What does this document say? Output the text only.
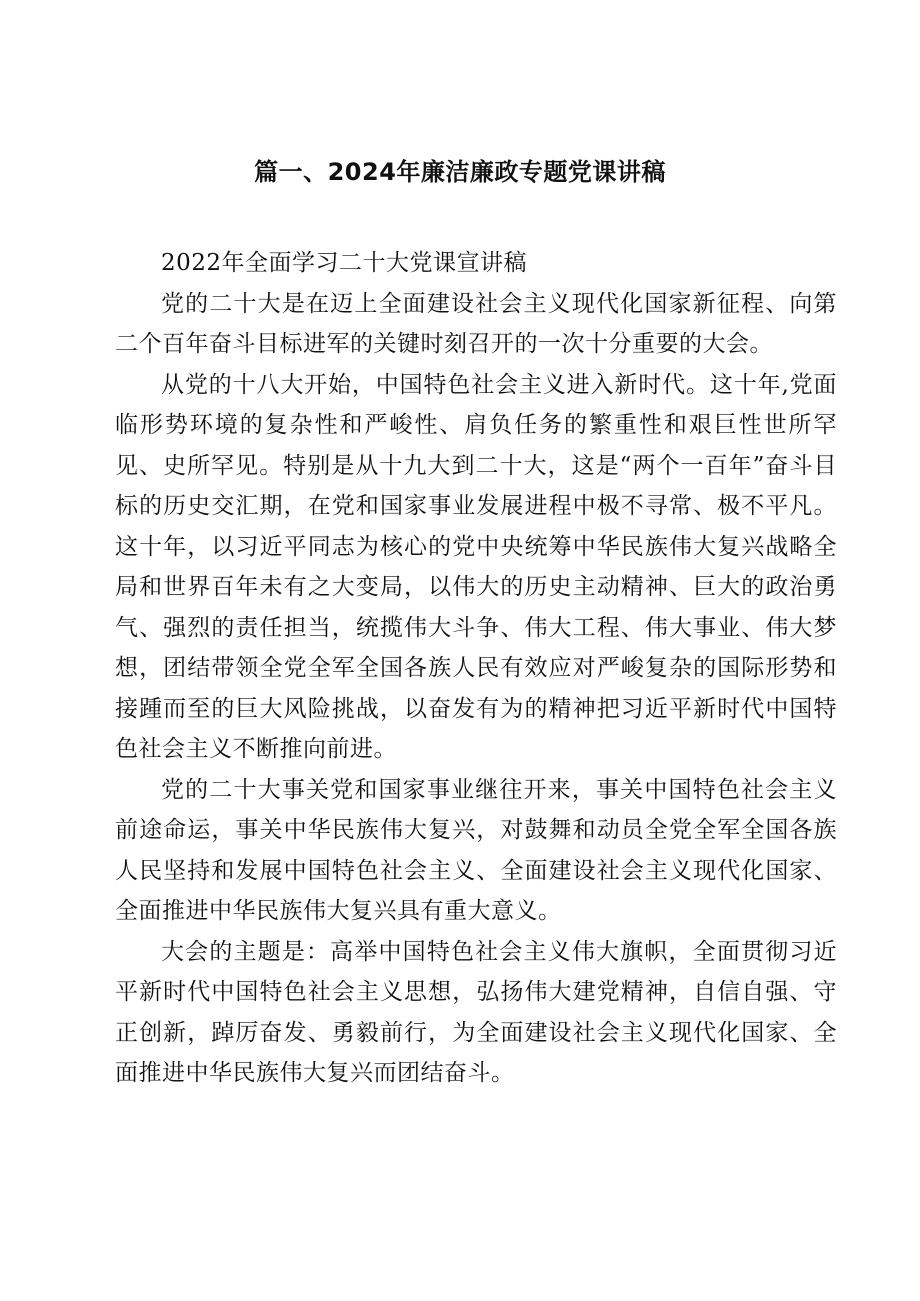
篇一、2024年廉洁廉政专题党课讲稿

2022年全面学习二十大党课宣讲稿

党的二十大是在迈上全面建设社会主义现代化国家新征程、向第二个百年奋斗目标进军的关键时刻召开的一次十分重要的大会。

从党的十八大开始，中国特色社会主义进入新时代。这十年,党面临形势环境的复杂性和严峻性、肩负任务的繁重性和艰巨性世所罕见、史所罕见。特别是从十九大到二十大，这是“两个一百年”奋斗目标的历史交汇期，在党和国家事业发展进程中极不寻常、极不平凡。这十年，以习近平同志为核心的党中央统筹中华民族伟大复兴战略全局和世界百年未有之大变局，以伟大的历史主动精神、巨大的政治勇气、强烈的责任担当，统揽伟大斗争、伟大工程、伟大事业、伟大梦想，团结带领全党全军全国各族人民有效应对严峻复杂的国际形势和接踵而至的巨大风险挑战，以奋发有为的精神把习近平新时代中国特色社会主义不断推向前进。

党的二十大事关党和国家事业继往开来，事关中国特色社会主义前途命运，事关中华民族伟大复兴，对鼓舞和动员全党全军全国各族人民坚持和发展中国特色社会主义、全面建设社会主义现代化国家、全面推进中华民族伟大复兴具有重大意义。

大会的主题是：高举中国特色社会主义伟大旗帜，全面贯彻习近平新时代中国特色社会主义思想，弘扬伟大建党精神，自信自强、守正创新，踔厉奋发、勇毅前行，为全面建设社会主义现代化国家、全面推进中华民族伟大复兴而团结奋斗。
